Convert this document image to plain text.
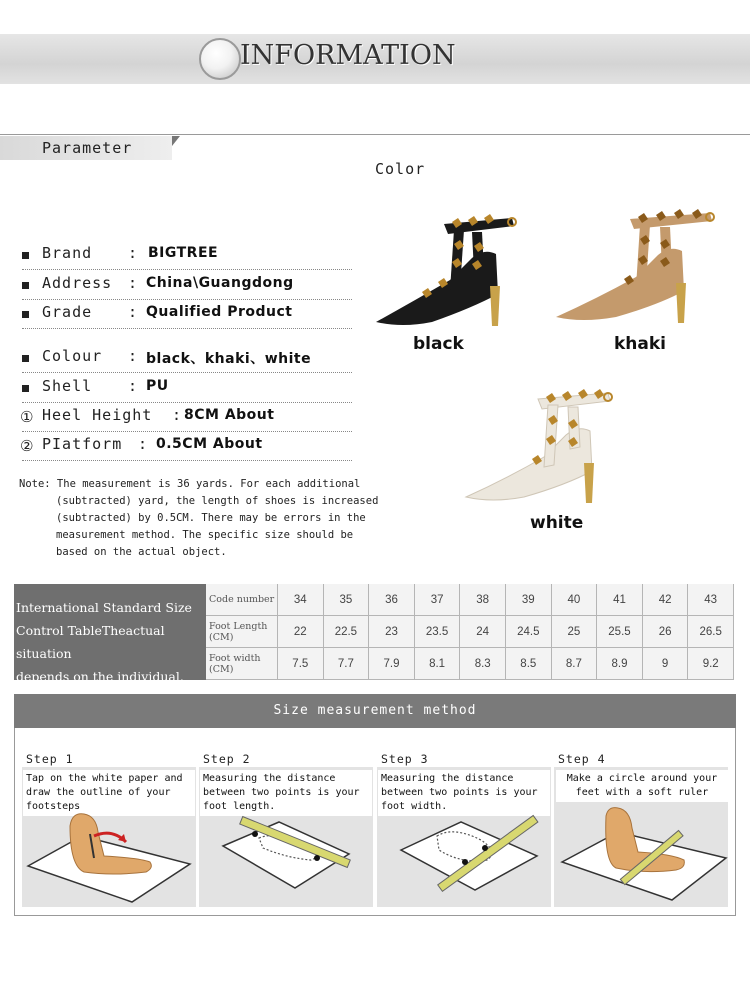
INFORMATION
Parameter
Color
Brand : BIGTREE
Address : China\Guangdong
Grade : Qualified Product
Colour : black、khaki、white
Shell : PU
① Heel Height : 8CM About
② PIatform : 0.5CM About
Note: The measurement is 36 yards. For each additional
(subtracted) yard, the length of shoes is increased
(subtracted) by 0.5CM. There may be errors in the
measurement method. The specific size should be
based on the actual object.
black	khaki
white
International Standard Size
Control TableTheactual situation
depends on the individual.
Code number	34	35	36	37	38	39	40	41	42	43
Foot Length (CM)	22	22.5	23	23.5	24	24.5	25	25.5	26	26.5
Foot width (CM)	7.5	7.7	7.9	8.1	8.3	8.5	8.7	8.9	9	9.2
Size measurement method
Step 1	Step 2	Step 3	Step 4
Tap on the white paper and draw the outline of your footsteps
Measuring the distance between two points is your foot length.
Measuring the distance between two points is your foot width.
Make a circle around your feet with a soft ruler
